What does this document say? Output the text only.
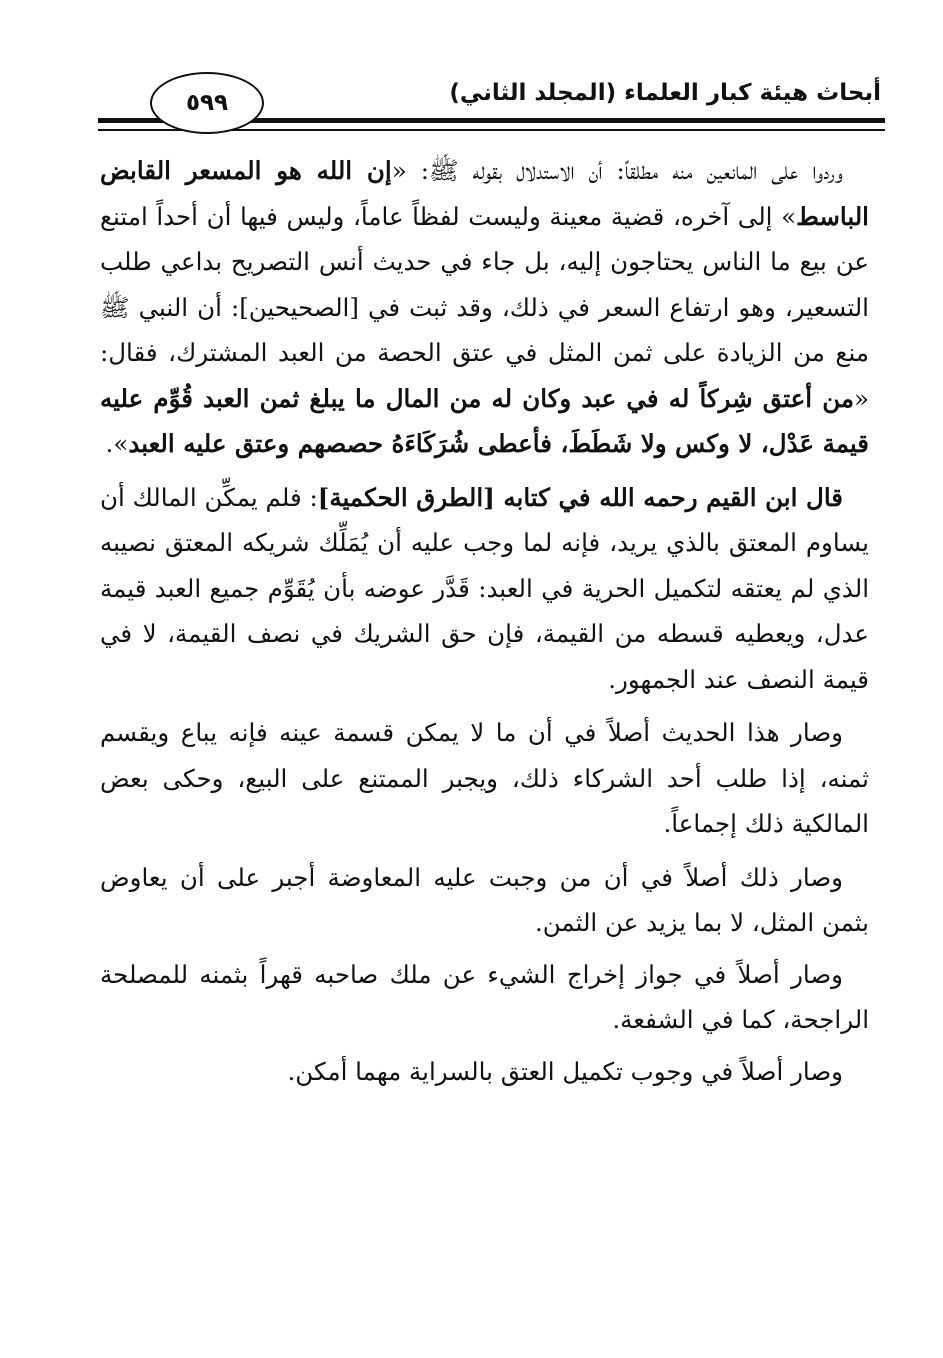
أبحاث هيئة كبار العلماء (المجلد الثاني)
٥٩٩

وردوا على المانعين منه مطلقاً: أن الاستدلال بقوله ﷺ: «إن الله هو المسعر القابض الباسط» إلى آخره، قضية معينة وليست لفظاً عاماً، وليس فيها أن أحداً امتنع عن بيع ما الناس يحتاجون إليه، بل جاء في حديث أنس التصريح بداعي طلب التسعير، وهو ارتفاع السعر في ذلك، وقد ثبت في [الصحيحين]: أن النبي ﷺ منع من الزيادة على ثمن المثل في عتق الحصة من العبد المشترك، فقال: «من أعتق شِركاً له في عبد وكان له من المال ما يبلغ ثمن العبد قُوِّم عليه قيمة عَدْل، لا وكس ولا شَطَطَ، فأعطى شُرَكَاءَهُ حصصهم وعتق عليه العبد».

قال ابن القيم رحمه الله في كتابه [الطرق الحكمية]: فلم يمكِّن المالك أن يساوم المعتق بالذي يريد، فإنه لما وجب عليه أن يُمَلِّك شريكه المعتق نصيبه الذي لم يعتقه لتكميل الحرية في العبد: قَدَّر عوضه بأن يُقَوِّم جميع العبد قيمة عدل، ويعطيه قسطه من القيمة، فإن حق الشريك في نصف القيمة، لا في قيمة النصف عند الجمهور.

وصار هذا الحديث أصلاً في أن ما لا يمكن قسمة عينه فإنه يباع ويقسم ثمنه، إذا طلب أحد الشركاء ذلك، ويجبر الممتنع على البيع، وحكى بعض المالكية ذلك إجماعاً.

وصار ذلك أصلاً في أن من وجبت عليه المعاوضة أجبر على أن يعاوض بثمن المثل، لا بما يزيد عن الثمن.

وصار أصلاً في جواز إخراج الشيء عن ملك صاحبه قهراً بثمنه للمصلحة الراجحة، كما في الشفعة.

وصار أصلاً في وجوب تكميل العتق بالسراية مهما أمكن.
